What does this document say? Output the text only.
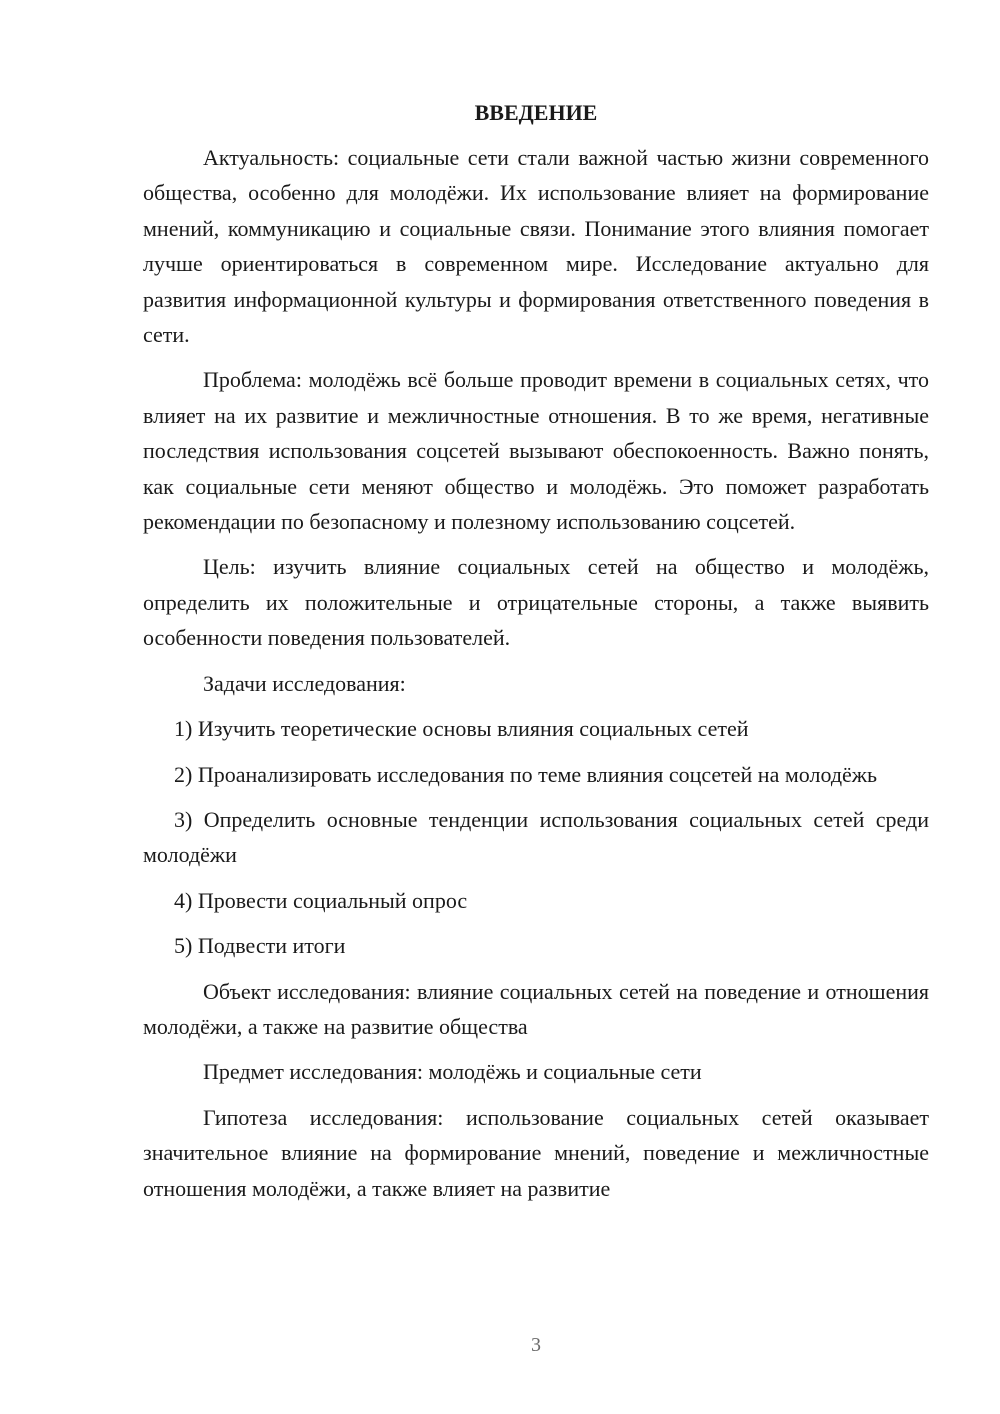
ВВЕДЕНИЕ

Актуальность: социальные сети стали важной частью жизни современного общества, особенно для молодёжи. Их использование влияет на формирование мнений, коммуникацию и социальные связи. Понимание этого влияния помогает лучше ориентироваться в современном мире. Исследование актуально для развития информационной культуры и формирования ответственного поведения в сети.

Проблема: молодёжь всё больше проводит времени в социальных сетях, что влияет на их развитие и межличностные отношения. В то же время, негативные последствия использования соцсетей вызывают обеспокоенность. Важно понять, как социальные сети меняют общество и молодёжь. Это поможет разработать рекомендации по безопасному и полезному использованию соцсетей.

Цель: изучить влияние социальных сетей на общество и молодёжь, определить их положительные и отрицательные стороны, а также выявить особенности поведения пользователей.

Задачи исследования:

1) Изучить теоретические основы влияния социальных сетей

2) Проанализировать исследования по теме влияния соцсетей на молодёжь

3) Определить основные тенденции использования социальных сетей среди молодёжи

4) Провести социальный опрос

5) Подвести итоги

Объект исследования: влияние социальных сетей на поведение и отношения молодёжи, а также на развитие общества

Предмет исследования: молодёжь и социальные сети

Гипотеза исследования: использование социальных сетей оказывает значительное влияние на формирование мнений, поведение и межличностные отношения молодёжи, а также влияет на развитие

3
